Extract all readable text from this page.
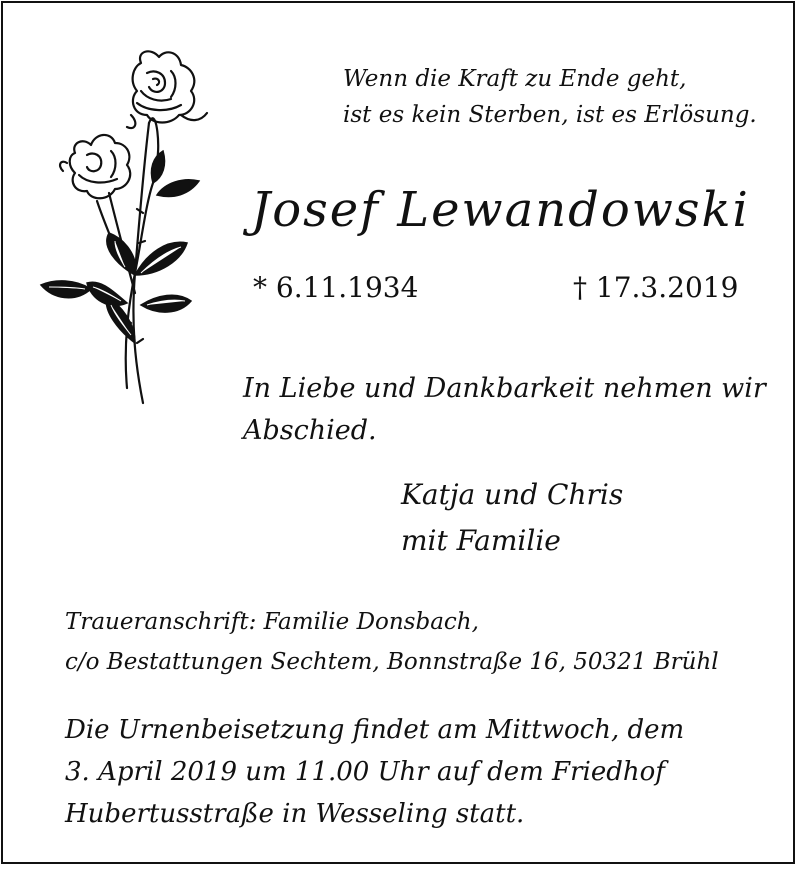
Wenn die Kraft zu Ende geht,
ist es kein Sterben, ist es Erlösung.
Josef Lewandowski
* 6.11.1934	† 17.3.2019
In Liebe und Dankbarkeit nehmen wir
Abschied.
Katja und Chris
mit Familie
Traueranschrift: Familie Donsbach,
c/o Bestattungen Sechtem, Bonnstraße 16, 50321 Brühl
Die Urnenbeisetzung findet am Mittwoch, dem
3. April 2019 um 11.00 Uhr auf dem Friedhof
Hubertusstraße in Wesseling statt.
